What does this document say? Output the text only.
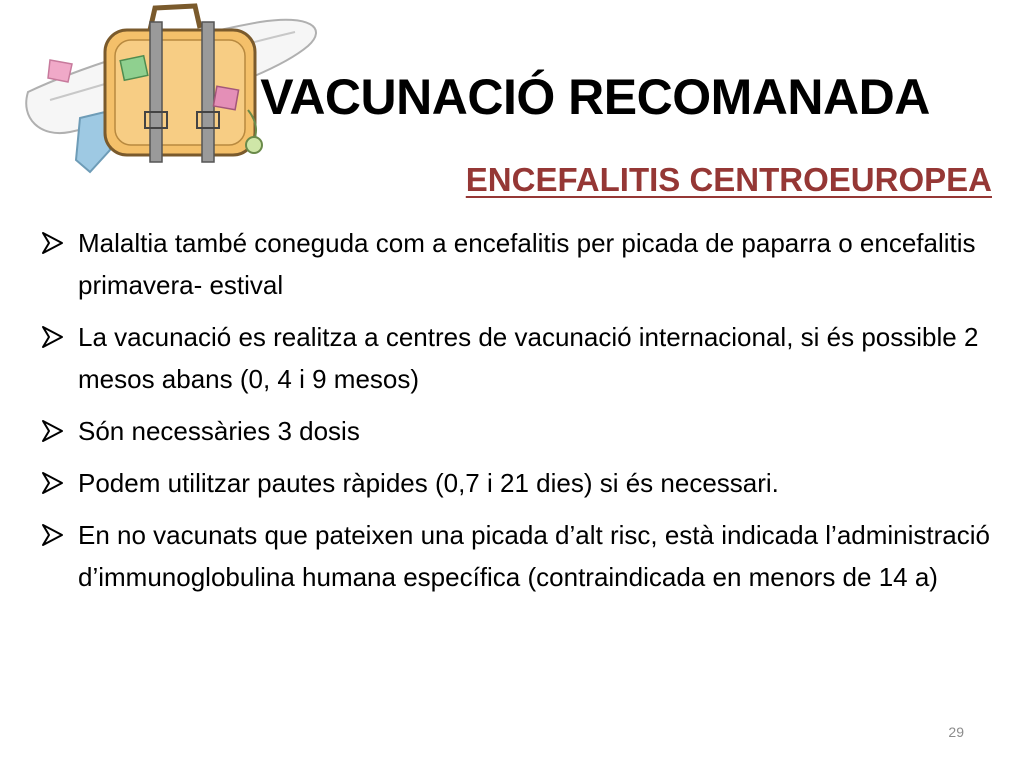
VACUNACIÓ RECOMANADA
ENCEFALITIS CENTROEUROPEA
Malaltia també coneguda com a encefalitis per picada de paparra o encefalitis primavera- estival
La vacunació es realitza a centres de vacunació internacional, si és possible 2 mesos abans (0, 4 i 9 mesos)
Són necessàries 3 dosis
Podem utilitzar pautes ràpides (0,7 i 21 dies) si és necessari.
En no vacunats que pateixen una picada d’alt risc, està indicada l’administració d’immunoglobulina humana específica (contraindicada en menors de 14 a)
29
